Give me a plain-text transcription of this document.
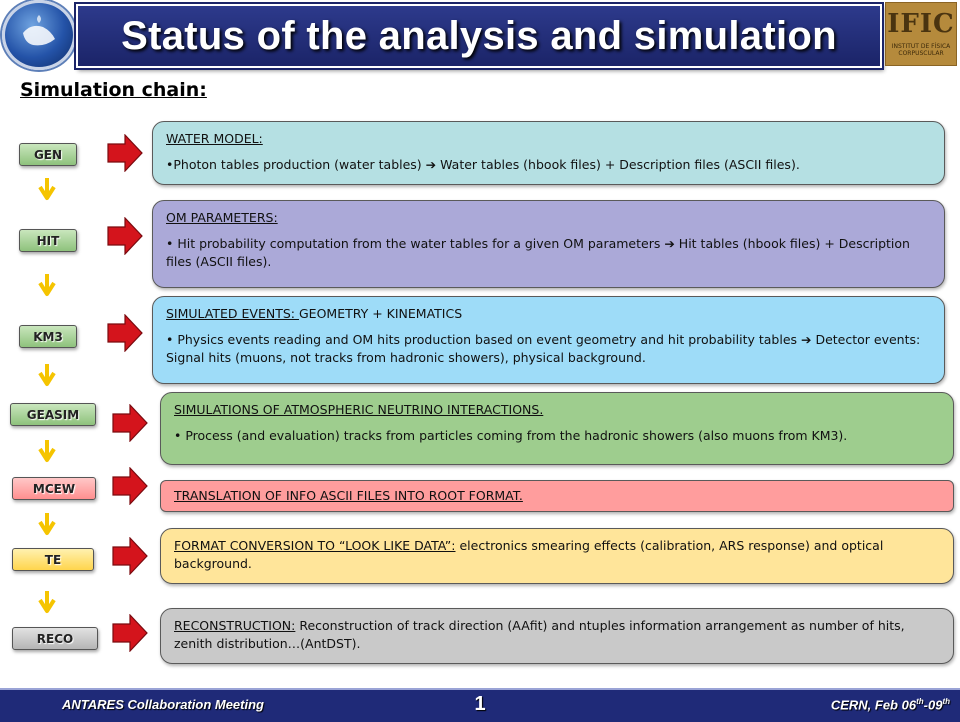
Status of the analysis and simulation IFIC
INSTITUT DE FÍSICA CORPUSCULAR
Simulation chain:
GEN
HIT
KM3
GEASIM
MCEW
TE
RECO
WATER MODEL:
•Photon tables production (water tables) ➔ Water tables (hbook files) + Description files (ASCII files).
OM PARAMETERS:
• Hit probability computation from the water tables for a given OM parameters ➔ Hit tables (hbook files) + Description files (ASCII files).
SIMULATED EVENTS: GEOMETRY + KINEMATICS
• Physics events reading and OM hits production based on event geometry and hit probability tables ➔ Detector events: Signal hits (muons, not tracks from hadronic showers), physical background.
SIMULATIONS OF ATMOSPHERIC NEUTRINO INTERACTIONS.
• Process (and evaluation) tracks from particles coming from the hadronic showers (also muons from KM3).
TRANSLATION OF INFO ASCII FILES INTO ROOT FORMAT.
FORMAT CONVERSION TO “LOOK LIKE DATA”: electronics smearing effects (calibration, ARS response) and optical background.
RECONSTRUCTION: Reconstruction of track direction (AAfit) and ntuples information arrangement as number of hits, zenith distribution…(AntDST).
ANTARES Collaboration Meeting	1	CERN, Feb 06th-09th
